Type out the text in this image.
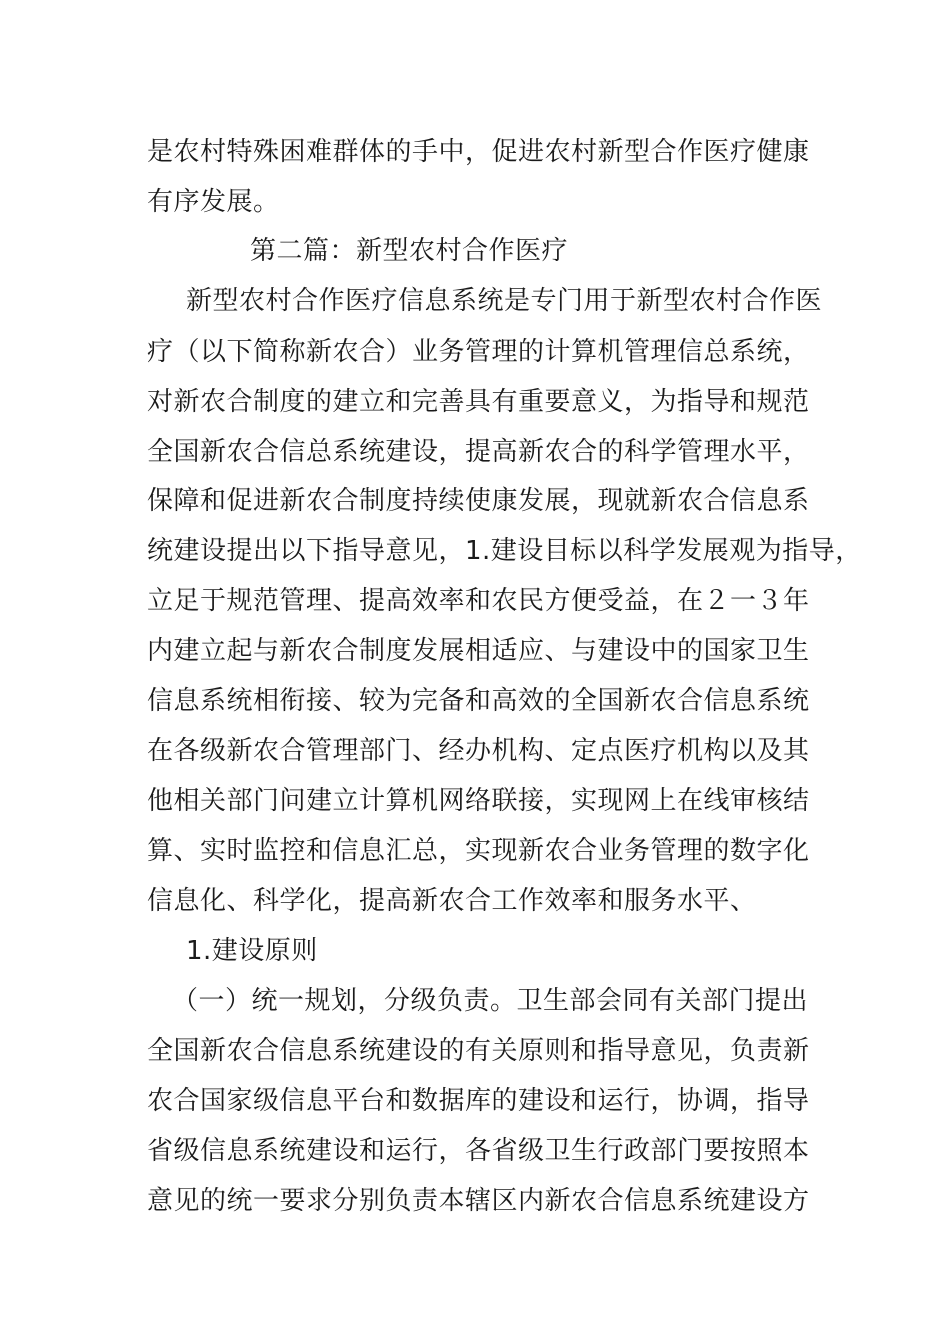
是农村特殊困难群体的手中，促进农村新型合作医疗健康
有序发展。
第二篇：新型农村合作医疗
新型农村合作医疗信息系统是专门用于新型农村合作医
疗（以下简称新农合）业务管理的计算机管理信总系统，
对新农合制度的建立和完善具有重要意义，为指导和规范
全国新农合信总系统建设，提高新农合的科学管理水平，
保障和促进新农合制度持续使康发展，现就新农合信息系
统建设提出以下指导意见，1.建设目标以科学发展观为指导，
立足于规范管理、提高效率和农民方便受益，在２一３年
内建立起与新农合制度发展相适应、与建设中的国家卫生
信息系统相衔接、较为完备和高效的全国新农合信息系统
在各级新农合管理部门、经办机构、定点医疗机构以及其
他相关部门问建立计算机网络联接，实现网上在线审核结
算、实时监控和信息汇总，实现新农合业务管理的数字化
信息化、科学化，提高新农合工作效率和服务水平、
1.建设原则
（一）统一规划，分级负责。卫生部会同有关部门提出
全国新农合信息系统建设的有关原则和指导意见，负责新
农合国家级信息平台和数据库的建设和运行，协调，指导
省级信息系统建设和运行，各省级卫生行政部门要按照本
意见的统一要求分别负责本辖区内新农合信息系统建设方
